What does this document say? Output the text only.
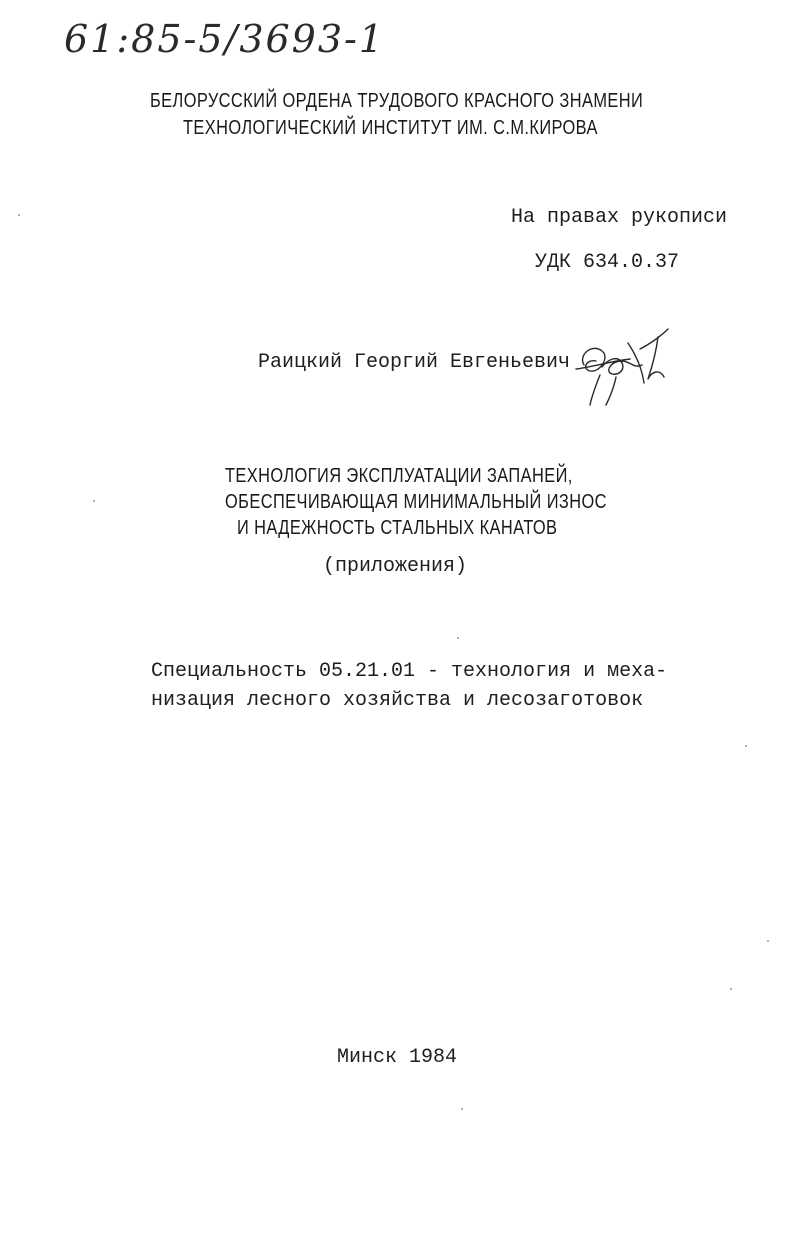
61:85-5/3693-1
БЕЛОРУССКИЙ ОРДЕНА ТРУДОВОГО КРАСНОГО ЗНАМЕНИ
ТЕХНОЛОГИЧЕСКИЙ ИНСТИТУТ ИМ. С.М.КИРОВА
На правах рукописи
УДК 634.0.37
Раицкий Георгий Евгеньевич
ТЕХНОЛОГИЯ ЭКСПЛУАТАЦИИ ЗАПАНЕЙ,
ОБЕСПЕЧИВАЮЩАЯ МИНИМАЛЬНЫЙ ИЗНОС
И НАДЕЖНОСТЬ СТАЛЬНЫХ КАНАТОВ
(приложения)
Специальность 05.21.01 - технология и меха-
низация лесного хозяйства и лесозаготовок
Минск 1984
